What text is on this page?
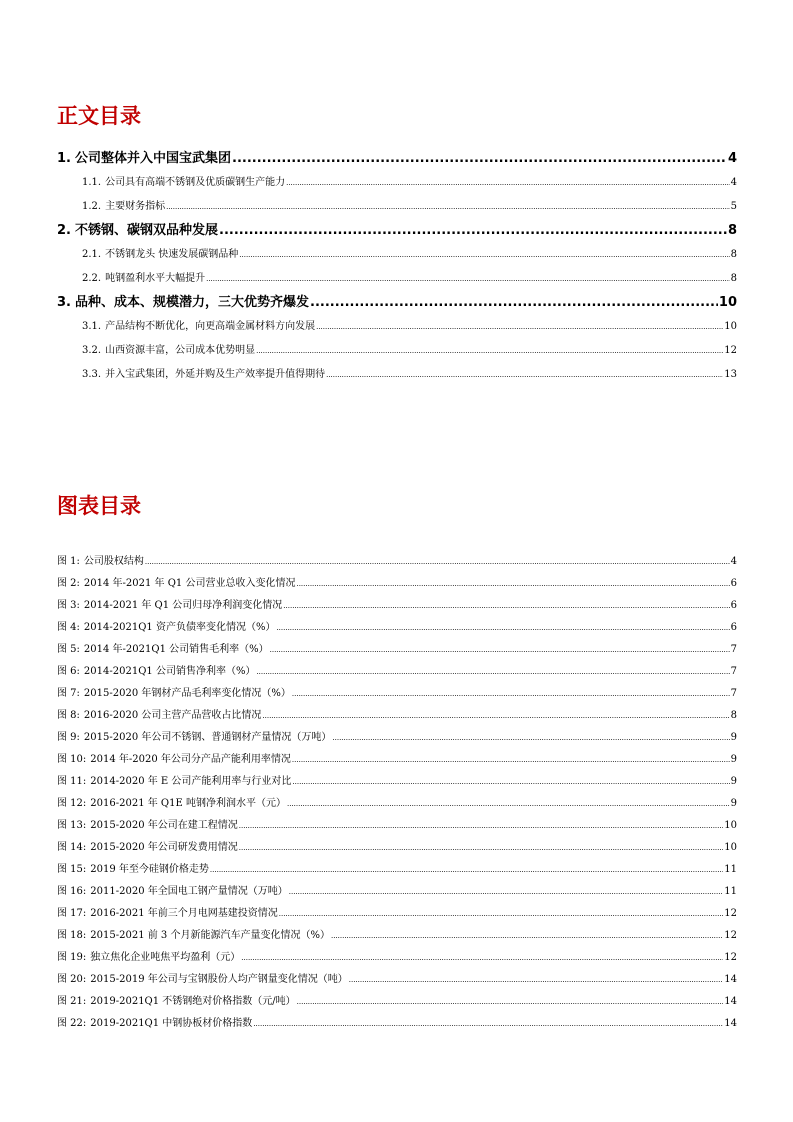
正文目录
1. 公司整体并入中国宝武集团 .....	4
1.1. 公司具有高端不锈钢及优质碳钢生产能力 .....	4
1.2. 主要财务指标 .....	5
2. 不锈钢、碳钢双品种发展 .....	8
2.1. 不锈钢龙头 快速发展碳钢品种 .....	8
2.2. 吨钢盈利水平大幅提升 .....	8
3. 品种、成本、规模潜力，三大优势齐爆发 .....	10
3.1. 产品结构不断优化，向更高端金属材料方向发展 .....	10
3.2. 山西资源丰富，公司成本优势明显 .....	12
3.3. 并入宝武集团，外延并购及生产效率提升值得期待 .....	13
图表目录
图 1: 公司股权结构 .....	4
图 2: 2014 年-2021 年 Q1 公司营业总收入变化情况 .....	6
图 3: 2014-2021 年 Q1 公司归母净利润变化情况 .....	6
图 4: 2014-2021Q1 资产负债率变化情况（%） .....	6
图 5: 2014 年-2021Q1 公司销售毛利率（%） .....	7
图 6: 2014-2021Q1 公司销售净利率（%） .....	7
图 7: 2015-2020 年钢材产品毛利率变化情况（%） .....	7
图 8: 2016-2020 公司主营产品营收占比情况 .....	8
图 9: 2015-2020 年公司不锈钢、普通钢材产量情况（万吨） .....	9
图 10: 2014 年-2020 年公司分产品产能利用率情况 .....	9
图 11: 2014-2020 年 E 公司产能利用率与行业对比 .....	9
图 12: 2016-2021 年 Q1E 吨钢净利润水平（元） .....	9
图 13: 2015-2020 年公司在建工程情况 .....	10
图 14: 2015-2020 年公司研发费用情况 .....	10
图 15: 2019 年至今硅钢价格走势 .....	11
图 16: 2011-2020 年全国电工钢产量情况（万吨） .....	11
图 17: 2016-2021 年前三个月电网基建投资情况 .....	12
图 18: 2015-2021 前 3 个月新能源汽车产量变化情况（%） .....	12
图 19: 独立焦化企业吨焦平均盈利（元） .....	12
图 20: 2015-2019 年公司与宝钢股份人均产钢量变化情况（吨） .....	14
图 21: 2019-2021Q1 不锈钢绝对价格指数（元/吨） .....	14
图 22: 2019-2021Q1 中钢协板材价格指数 .....	14
